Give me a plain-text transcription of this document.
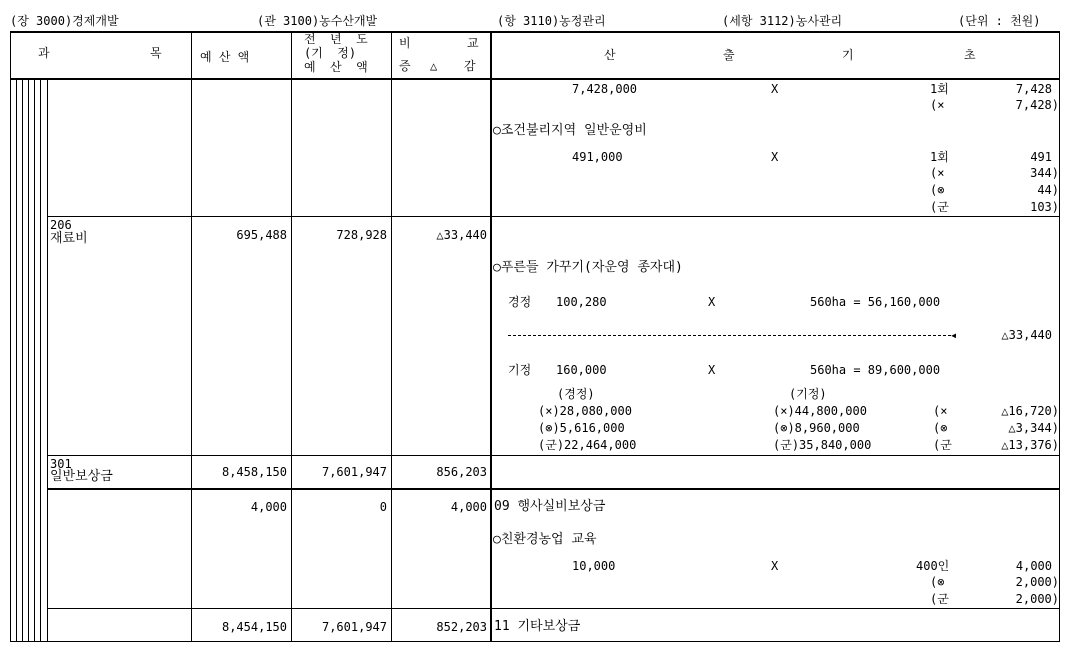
(장 3000)경제개발	(관 3100)농수산개발	(항 3110)농정관리	(세항 3112)농사관리	(단위 : 천원)
과	목	예 산 액
전  년  도
(기  정)
예  산  액
비	교
증 △ 감
산	출	기	초
7,428,000	X	1회	7,428
(×	7,428)
○조건불리지역 일반운영비
491,000	X	1회	491
(×	344)
(⊗	44)
(군	103)
206
재료비	695,488	728,928	△33,440
○푸른들 가꾸기(자운영 종자대)
경정 100,280	X	560ha = 56,160,000
◂	△33,440
기정 160,000	X	560ha = 89,600,000
(경정)	(기정)
(×)28,080,000	(×)44,800,000	(×	△16,720)
(⊗)5,616,000	(⊗)8,960,000	(⊗	△3,344)
(군)22,464,000	(군)35,840,000	(군	△13,376)
301
일반보상금	8,458,150	7,601,947	856,203
4,000	0	4,000 09 행사실비보상금
○친환경농업 교육
10,000	X	400인	4,000
(⊗	2,000)
(군	2,000)
8,454,150	7,601,947	852,203 11 기타보상금
